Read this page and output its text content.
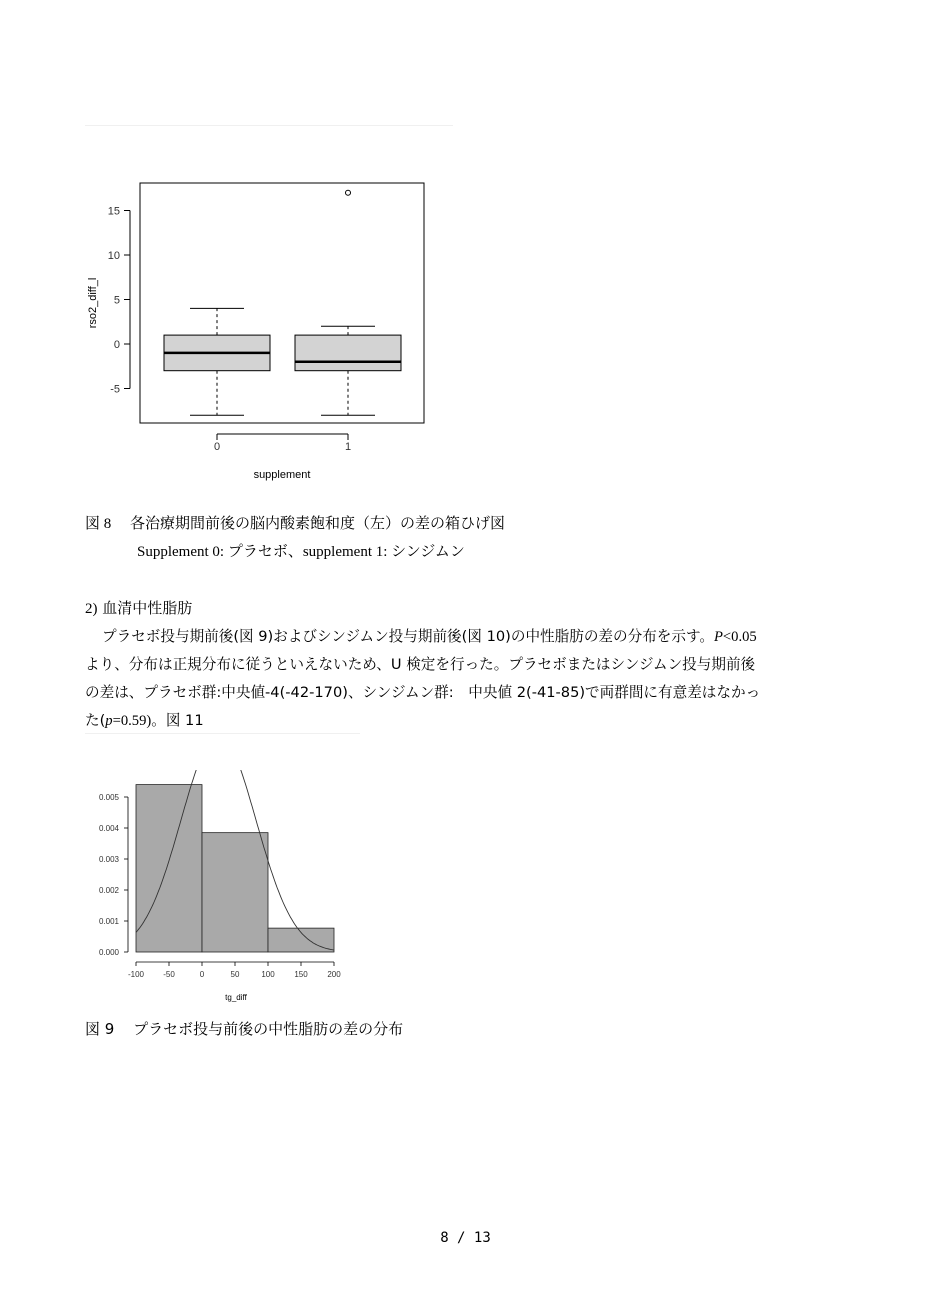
-5
0
5
10
15
0	1
rso2_diff_l
supplement
図 8 各治療期間前後の脳内酸素飽和度（左）の差の箱ひげ図
Supplement 0: プラセボ、supplement 1: シンジムン
2) 血清中性脂肪
プラセボ投与期前後(図 9)およびシンジムン投与期前後(図 10)の中性脂肪の差の分布を示す。P<0.05
より、分布は正規分布に従うといえないため、U 検定を行った。プラセボまたはシンジムン投与期前後
の差は、プラセボ群:中央値-4(-42-170)、シンジムン群:　中央値 2(-41-85)で両群間に有意差はなかっ
た(p=0.59)。図 11
0.000
0.001
0.002
0.003
0.004
0.005
-100 -50	0	50	100 150 200
tg_diff
図 9 プラセボ投与前後の中性脂肪の差の分布
8 / 13
